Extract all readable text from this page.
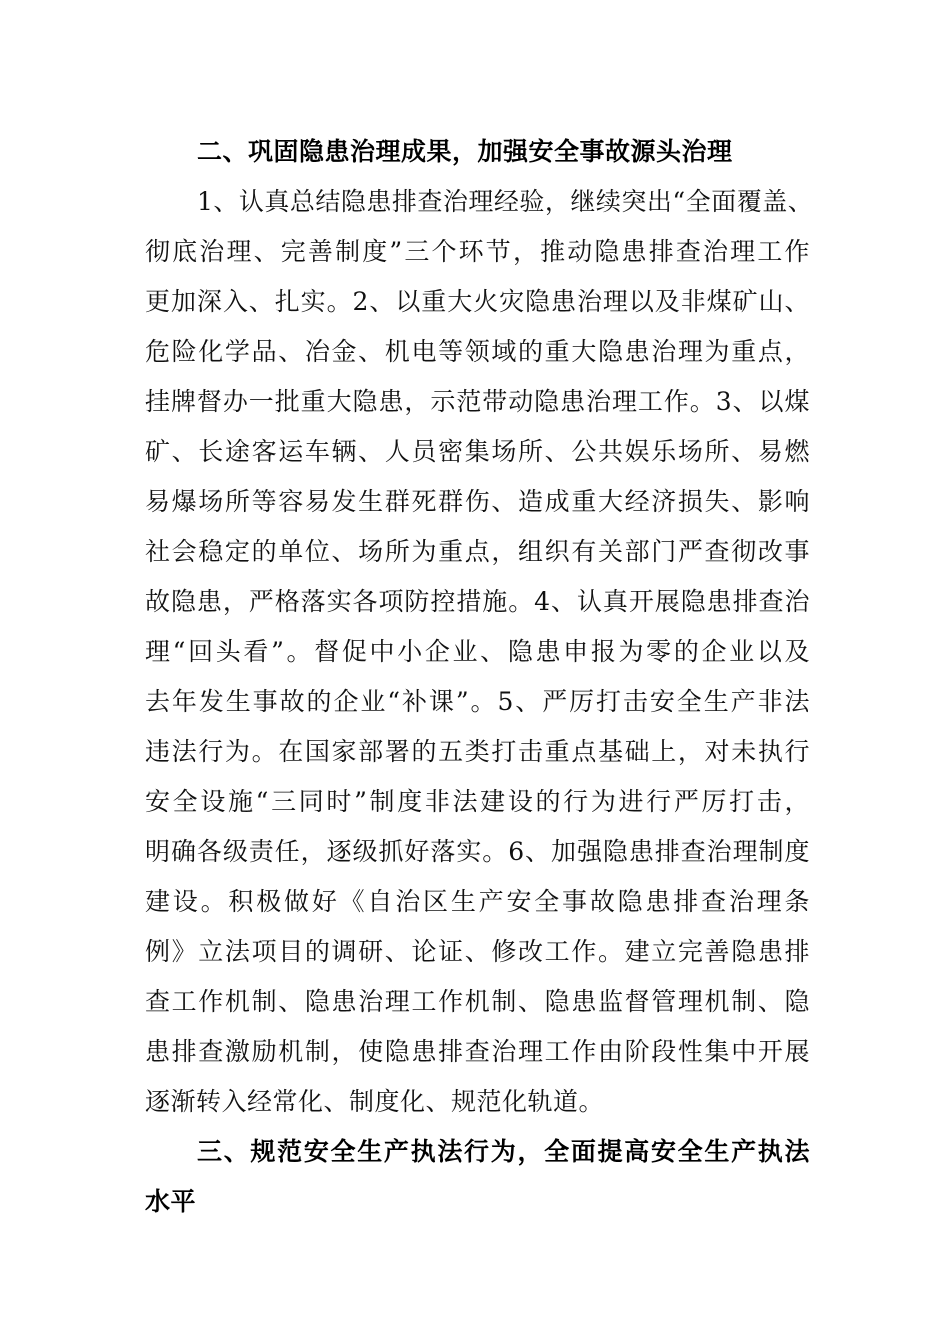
二、巩固隐患治理成果，加强安全事故源头治理
1、认真总结隐患排查治理经验，继续突出“全面覆盖、
彻底治理、完善制度”三个环节，推动隐患排查治理工作
更加深入、扎实。2、以重大火灾隐患治理以及非煤矿山、
危险化学品、冶金、机电等领域的重大隐患治理为重点，
挂牌督办一批重大隐患，示范带动隐患治理工作。3、以煤
矿、长途客运车辆、人员密集场所、公共娱乐场所、易燃
易爆场所等容易发生群死群伤、造成重大经济损失、影响
社会稳定的单位、场所为重点，组织有关部门严查彻改事
故隐患，严格落实各项防控措施。4、认真开展隐患排查治
理“回头看”。督促中小企业、隐患申报为零的企业以及
去年发生事故的企业“补课”。5、严厉打击安全生产非法
违法行为。在国家部署的五类打击重点基础上，对未执行
安全设施“三同时”制度非法建设的行为进行严厉打击，
明确各级责任，逐级抓好落实。6、加强隐患排查治理制度
建设。积极做好《自治区生产安全事故隐患排查治理条
例》立法项目的调研、论证、修改工作。建立完善隐患排
查工作机制、隐患治理工作机制、隐患监督管理机制、隐
患排查激励机制，使隐患排查治理工作由阶段性集中开展
逐渐转入经常化、制度化、规范化轨道。
三、规范安全生产执法行为，全面提高安全生产执法
水平
